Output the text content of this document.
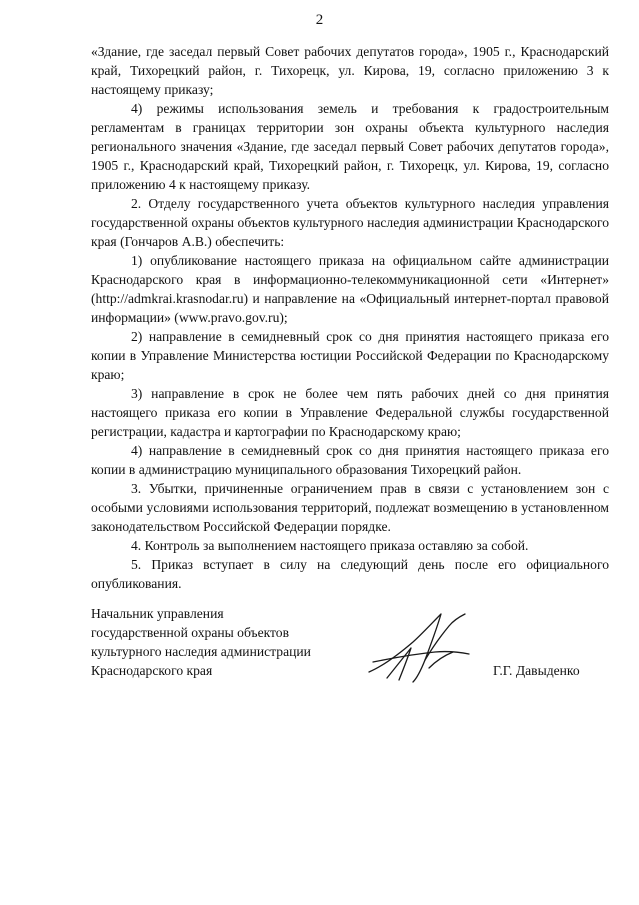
2

«Здание, где заседал первый Совет рабочих депутатов города», 1905 г., Краснодарский край, Тихорецкий район, г. Тихорецк, ул. Кирова, 19, согласно приложению 3 к настоящему приказу;

4) режимы использования земель и требования к градостроительным регламентам в границах территории зон охраны объекта культурного наследия регионального значения «Здание, где заседал первый Совет рабочих депутатов города», 1905 г., Краснодарский край, Тихорецкий район, г. Тихорецк, ул. Кирова, 19, согласно приложению 4 к настоящему приказу.

2. Отделу государственного учета объектов культурного наследия управления государственной охраны объектов культурного наследия администрации Краснодарского края (Гончаров А.В.) обеспечить:

1) опубликование настоящего приказа на официальном сайте администрации Краснодарского края в информационно-телекоммуникационной сети «Интернет» (http://admkrai.krasnodar.ru) и направление на «Официальный интернет-портал правовой информации» (www.pravo.gov.ru);

2) направление в семидневный срок со дня принятия настоящего приказа его копии в Управление Министерства юстиции Российской Федерации по Краснодарскому краю;

3) направление в срок не более чем пять рабочих дней со дня принятия настоящего приказа его копии в Управление Федеральной службы государственной регистрации, кадастра и картографии по Краснодарскому краю;

4) направление в семидневный срок со дня принятия настоящего приказа его копии в администрацию муниципального образования Тихорецкий район.

3. Убытки, причиненные ограничением прав в связи с установлением зон с особыми условиями использования территорий, подлежат возмещению в установленном законодательством Российской Федерации порядке.

4. Контроль за выполнением настоящего приказа оставляю за собой.

5. Приказ вступает в силу на следующий день после его официального опубликования.

Начальник управления
государственной охраны объектов
культурного наследия администрации
Краснодарского края	Г.Г. Давыденко
